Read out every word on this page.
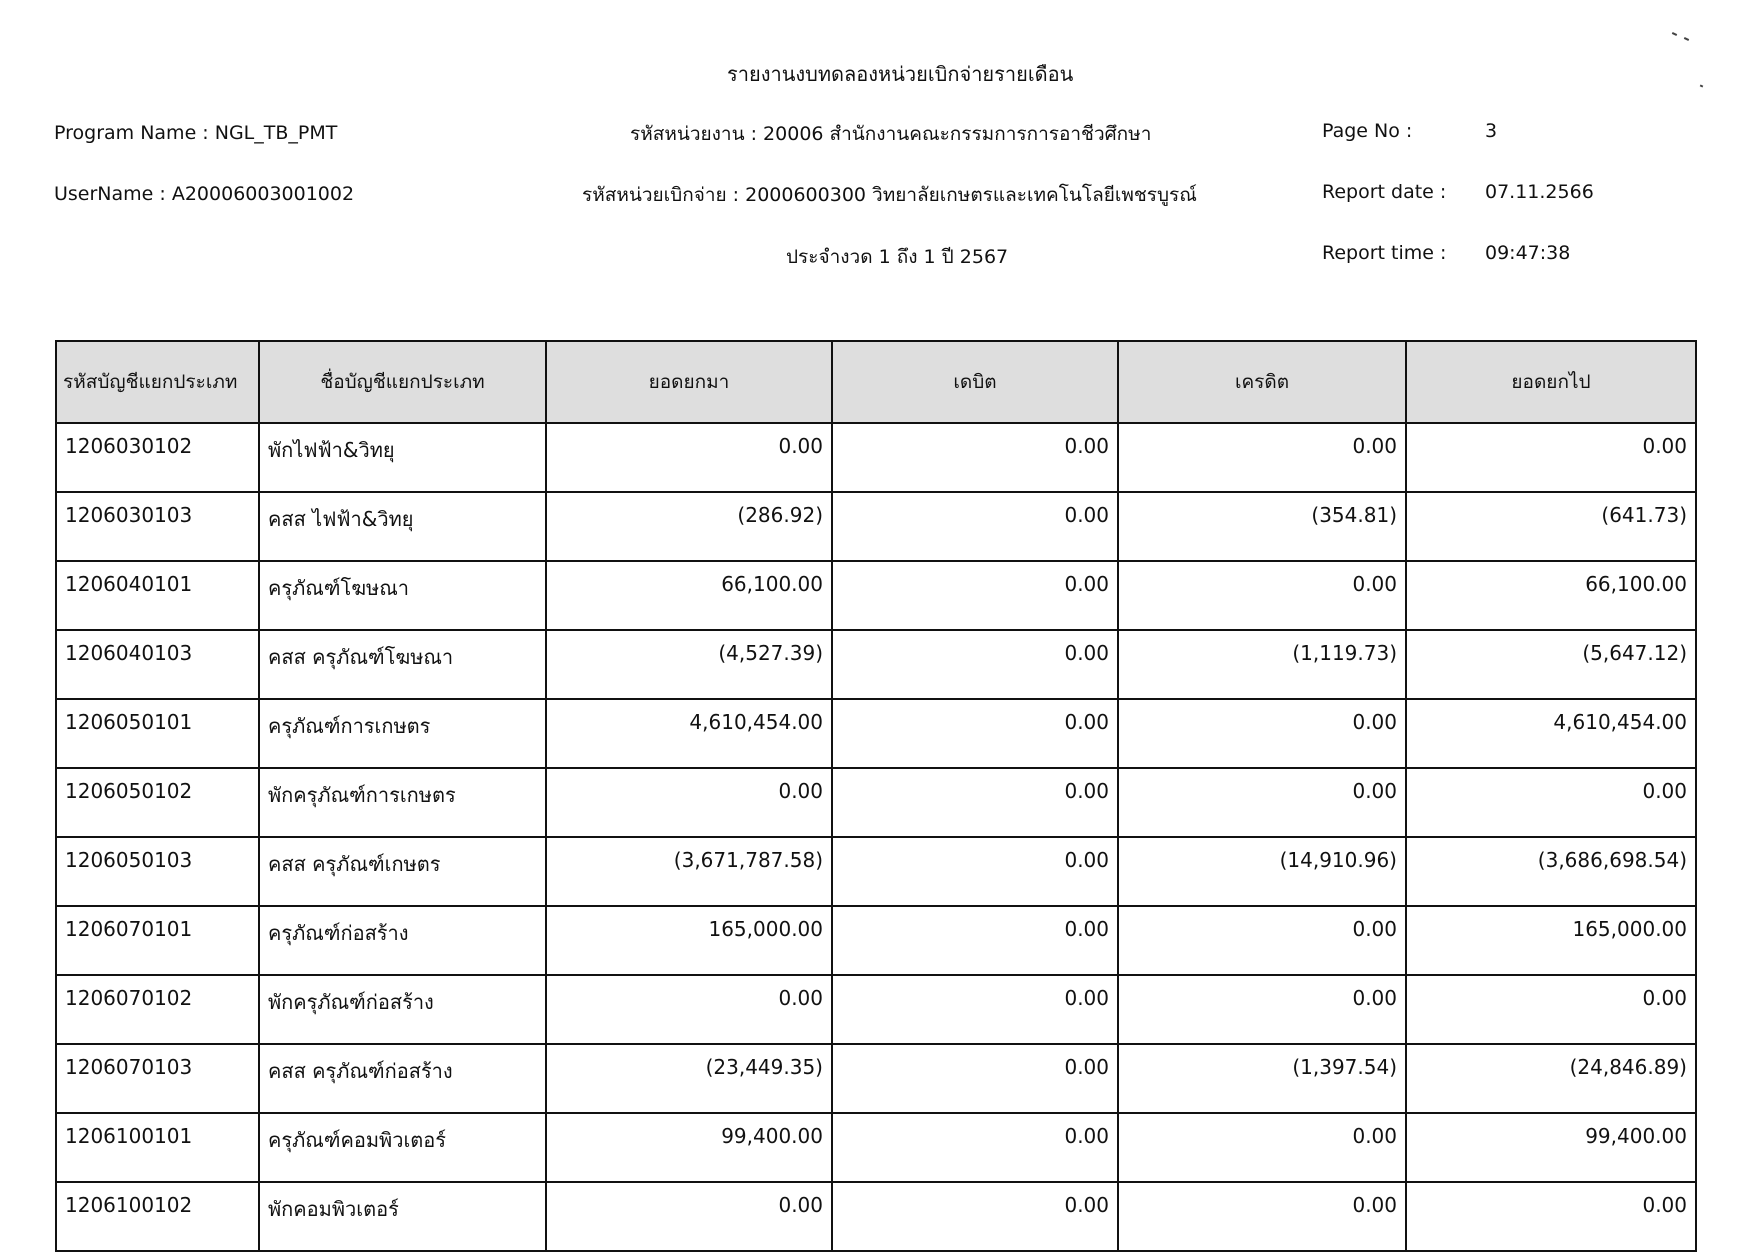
รายงานงบทดลองหน่วยเบิกจ่ายรายเดือน
Program Name : NGL_TB_PMT
UserName : A20006003001002
รหัสหน่วยงาน : 20006 สำนักงานคณะกรรมการการอาชีวศึกษา
รหัสหน่วยเบิกจ่าย : 2000600300 วิทยาลัยเกษตรและเทคโนโลยีเพชรบูรณ์
ประจำงวด 1 ถึง 1 ปี 2567
Page No :	3
Report date : 07.11.2566
Report time : 09:47:38
รหัสบัญชีแยกประเภท	ชื่อบัญชีแยกประเภท	ยอดยกมา	เดบิต	เครดิต	ยอดยกไป
1206030102	พักไฟฟ้า&วิทยุ	0.00	0.00	0.00	0.00
1206030103	คสส ไฟฟ้า&วิทยุ	(286.92)	0.00	(354.81)	(641.73)
1206040101	ครุภัณฑ์โฆษณา	66,100.00	0.00	0.00	66,100.00
1206040103	คสส ครุภัณฑ์โฆษณา	(4,527.39)	0.00	(1,119.73)	(5,647.12)
1206050101	ครุภัณฑ์การเกษตร	4,610,454.00	0.00	0.00	4,610,454.00
1206050102	พักครุภัณฑ์การเกษตร	0.00	0.00	0.00	0.00
1206050103	คสส ครุภัณฑ์เกษตร	(3,671,787.58)	0.00	(14,910.96)	(3,686,698.54)
1206070101	ครุภัณฑ์ก่อสร้าง	165,000.00	0.00	0.00	165,000.00
1206070102	พักครุภัณฑ์ก่อสร้าง	0.00	0.00	0.00	0.00
1206070103	คสส ครุภัณฑ์ก่อสร้าง	(23,449.35)	0.00	(1,397.54)	(24,846.89)
1206100101	ครุภัณฑ์คอมพิวเตอร์	99,400.00	0.00	0.00	99,400.00
1206100102	พักคอมพิวเตอร์	0.00	0.00	0.00	0.00
